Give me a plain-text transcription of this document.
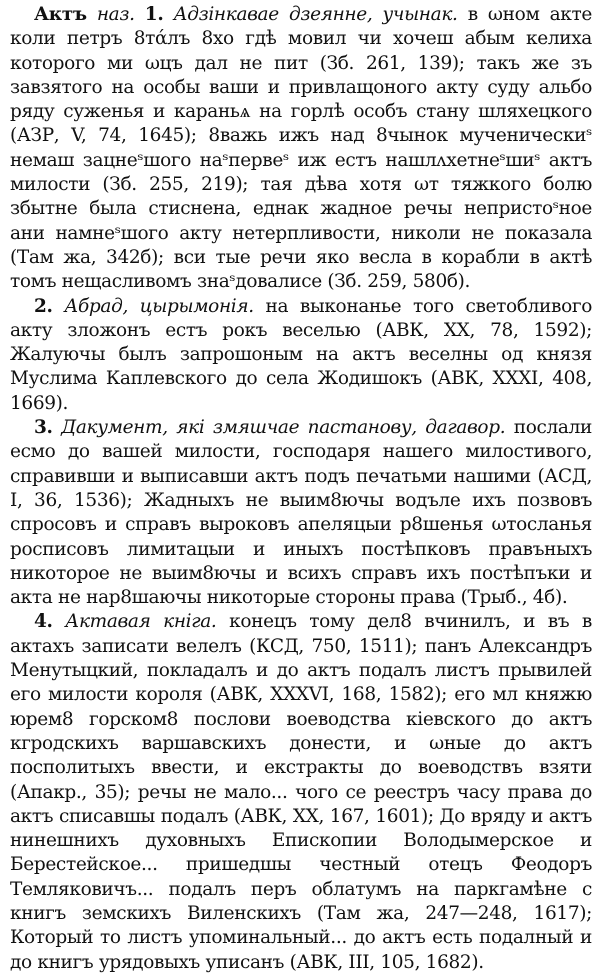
Актъ наз. 1. Адзінкавае дзеянне, учынак. в ωном акте коли петръ 8тάлъ 8хо гдѣ мовил чи хочеш абым келиха которого ми ωцъ дал не пит (Зб. 261, 139); такъ же зъ завзятого на особы ваши и привлащоного акту суду альбо ряду суженья и караньѧ на горлѣ особъ стану шляхецкого (АЗР, V, 74, 1645); 8важь ижъ над 8чынок мученическиˢ немаш зацнеˢшого наˢпервеˢ иж естъ нашлᴧхетнеˢшиˢ актъ милости (Зб. 255, 219); тая дѣва хотя ωт тяжкого болю збытне была стиснена, еднак жадное речы непристоˢное ани намнеˢшого акту нетерпливости, николи не показала (Там жа, 342б); вси тые речи яко весла в корабли в актѣ томъ нещасливомъ знаˢдовалисе (Зб. 259, 580б).

2. Абрад, цырымонія. на выконанье того светобливого акту зложонъ естъ рокъ веселью (АВК, XX, 78, 1592); Жалуючы былъ запрошоным на актъ веселны од князя Муслима Каплевского до села Жодишокъ (АВК, XXXI, 408, 1669).

3. Дакумент, які змяшчае пастанову, дагавор. послали есмо до вашей милости, господаря нашего милостивого, справивши и выписавши актъ подъ печатьми нашими (АСД, I, 36, 1536); Жадныхъ не выим8ючы водъле ихъ позвовъ спросовъ и справъ выроковъ апеляцыи р8шенья ωтосланья росписовъ лимитацыи и иныхъ постѣпковъ правъныхъ никоторое не выим8ючы и всихъ справъ ихъ постѣпъки и акта не нар8шаючы никоторые стороны права (Трыб., 4б).

4. Актавая кніга. конецъ тому дел8 вчинилъ, и въ в актахъ записати велелъ (КСД, 750, 1511); панъ Александръ Менутыцкий, покладалъ и до актъ подалъ листъ прывилей его милости короля (АВК, XXXVI, 168, 1582); его мл княжю юрем8 горском8 послови воеводства кіевского до актъ кгродскихъ варшавскихъ донести, и ωные до актъ посполитыхъ ввести, и екстракты до воеводствъ взяти (Апакр., 35); речы не мало... чого се реестръ часу права до актъ списавшы подалъ (АВК, XX, 167, 1601); До вряду и актъ нинешнихъ духовныхъ Епископии Володымерское и Берестейское... пришедшы честный отецъ Феодоръ Темляковичъ... подалъ перъ облатумъ на паркгамѣне с книгъ земскихъ Виленскихъ (Там жа, 247—248, 1617); Который то листъ упоминальный... до актъ есть подалный и до книгъ урядовыхъ уписанъ (АВК, III, 105, 1682).
